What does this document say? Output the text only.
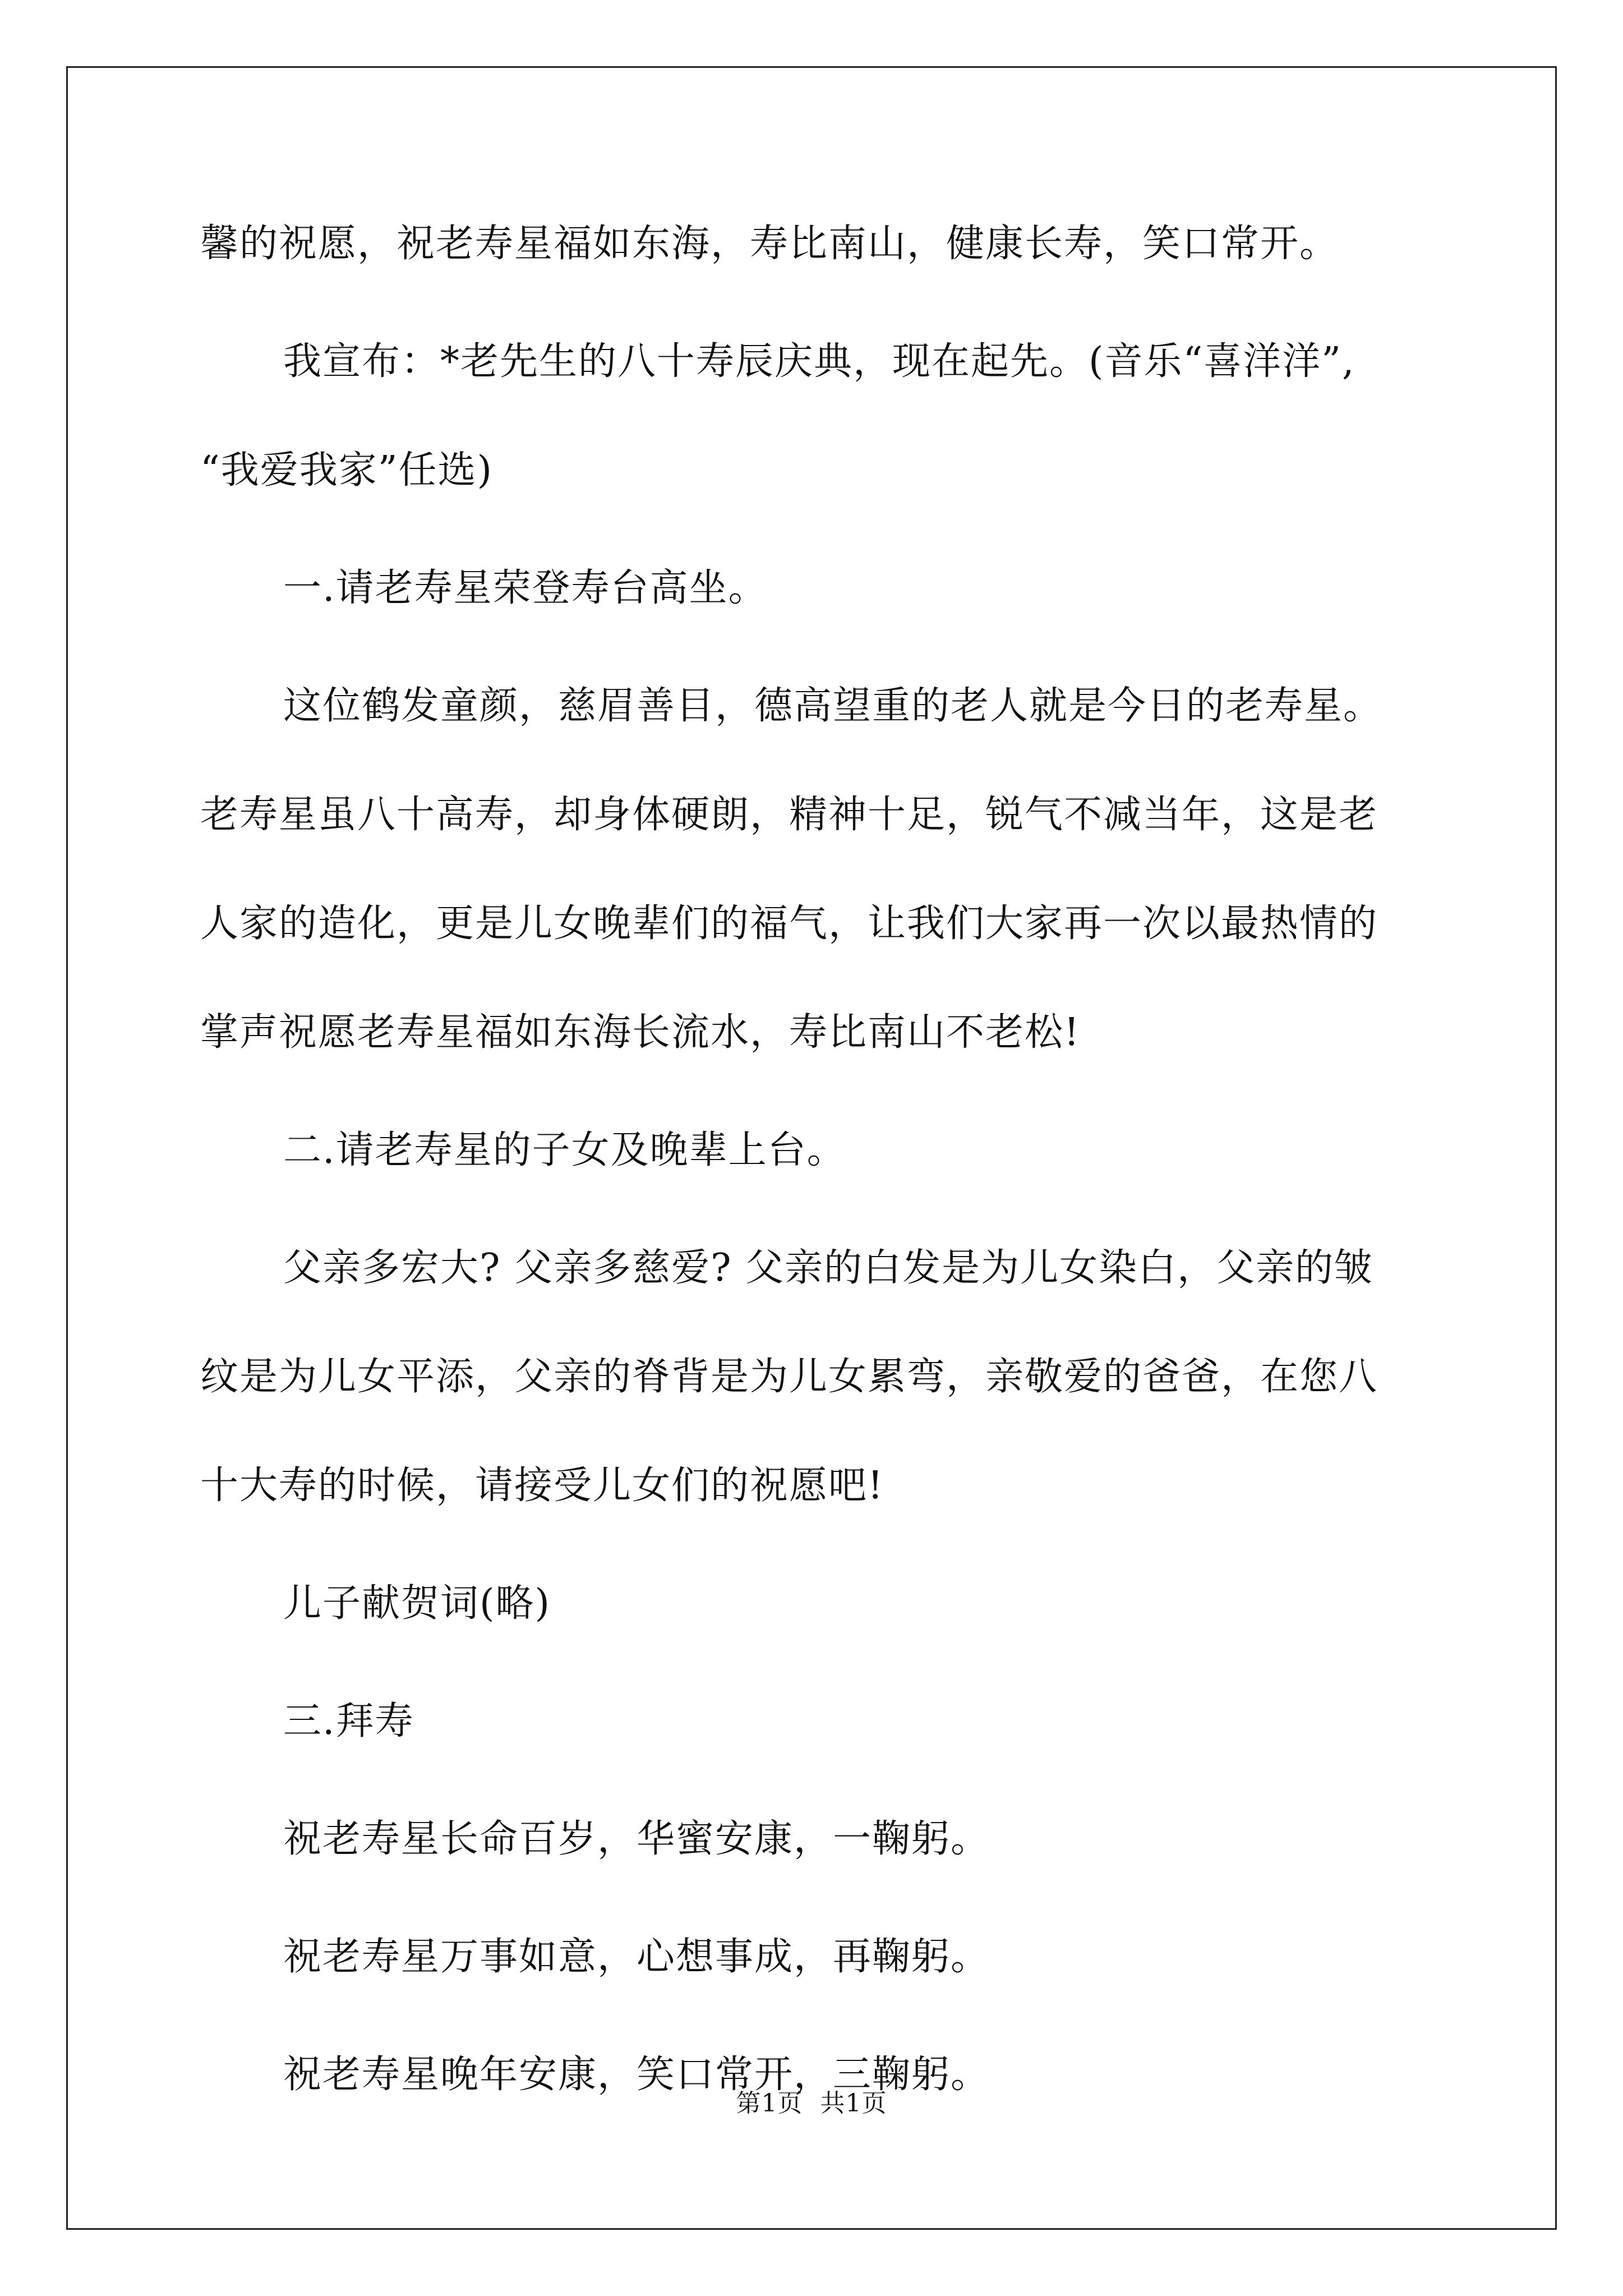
馨的祝愿，祝老寿星福如东海，寿比南山，健康长寿，笑口常开。
我宣布：*老先生的八十寿辰庆典，现在起先。(音乐“喜洋洋”,
“我爱我家”任选)
一.请老寿星荣登寿台高坐。
这位鹤发童颜，慈眉善目，德高望重的老人就是今日的老寿星。
老寿星虽八十高寿，却身体硬朗，精神十足，锐气不减当年，这是老
人家的造化，更是儿女晚辈们的福气，让我们大家再一次以最热情的
掌声祝愿老寿星福如东海长流水，寿比南山不老松!
二.请老寿星的子女及晚辈上台。
父亲多宏大? 父亲多慈爱? 父亲的白发是为儿女染白，父亲的皱
纹是为儿女平添，父亲的脊背是为儿女累弯，亲敬爱的爸爸，在您八
十大寿的时候，请接受儿女们的祝愿吧!
儿子献贺词(略)
三.拜寿
祝老寿星长命百岁，华蜜安康，一鞠躬。
祝老寿星万事如意，心想事成，再鞠躬。
祝老寿星晚年安康，笑口常开，三鞠躬。
第1页 共1页
